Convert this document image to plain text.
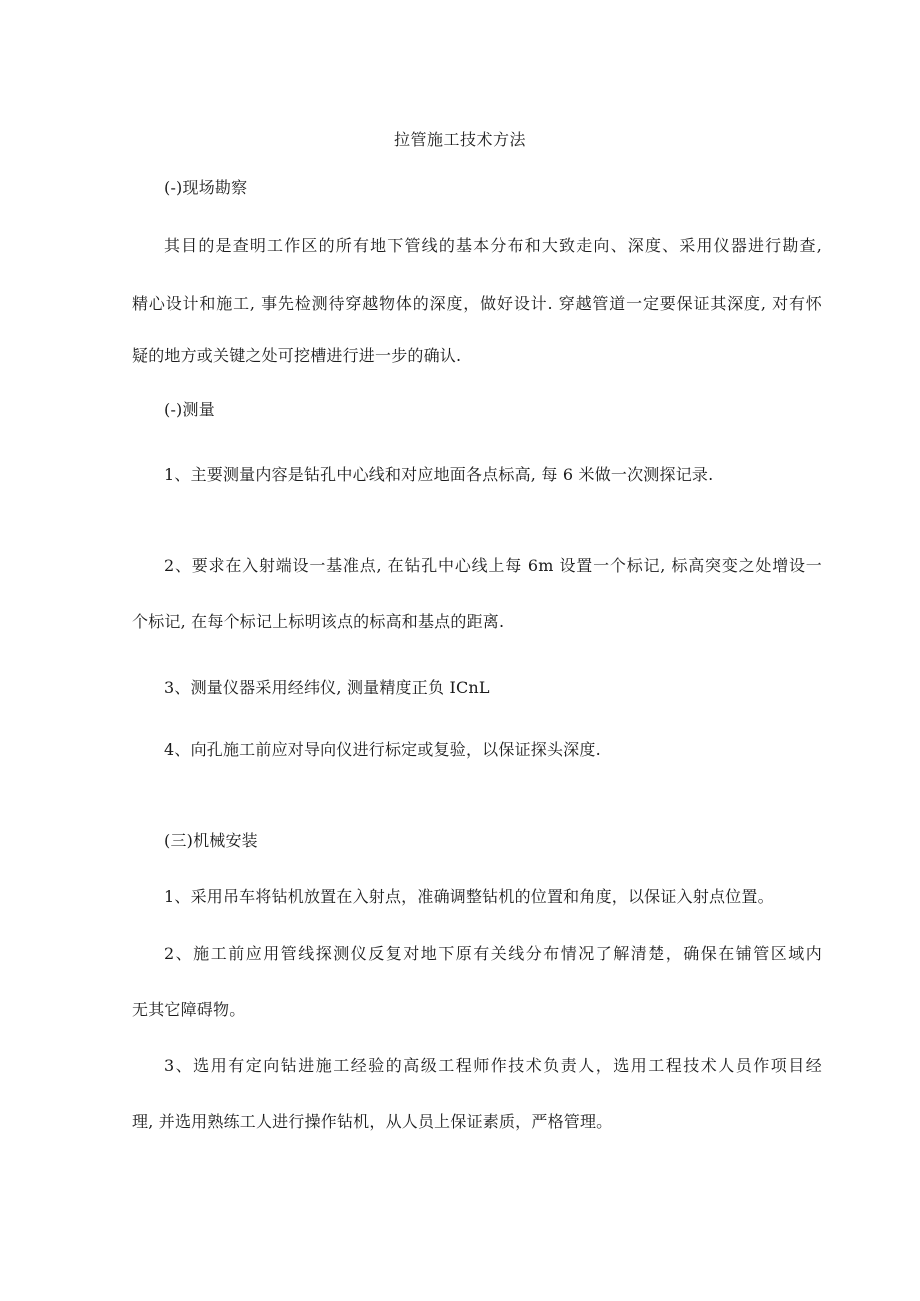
拉管施工技术方法
(-)现场勘察
其目的是查明工作区的所有地下管线的基本分布和大致走向、深度、采用仪器进行勘查,
精心设计和施工, 事先检测待穿越物体的深度，做好设计. 穿越管道一定要保证其深度, 对有怀
疑的地方或关键之处可挖槽进行进一步的确认.
(-)测量
1、主要测量内容是钻孔中心线和对应地面各点标高, 每 6 米做一次测探记录.
2、要求在入射端设一基准点, 在钻孔中心线上每 6m 设置一个标记, 标高突变之处增设一
个标记, 在每个标记上标明该点的标高和基点的距离.
3、测量仪器采用经纬仪, 测量精度正负 ICnL
4、向孔施工前应对导向仪进行标定或复验，以保证探头深度.
(三)机械安装
1、采用吊车将钻机放置在入射点，准确调整钻机的位置和角度，以保证入射点位置。
2、施工前应用管线探测仪反复对地下原有关线分布情况了解清楚，确保在铺管区域内
无其它障碍物。
3、选用有定向钻进施工经验的高级工程师作技术负责人，选用工程技术人员作项目经
理, 并选用熟练工人进行操作钻机，从人员上保证素质，严格管理。
